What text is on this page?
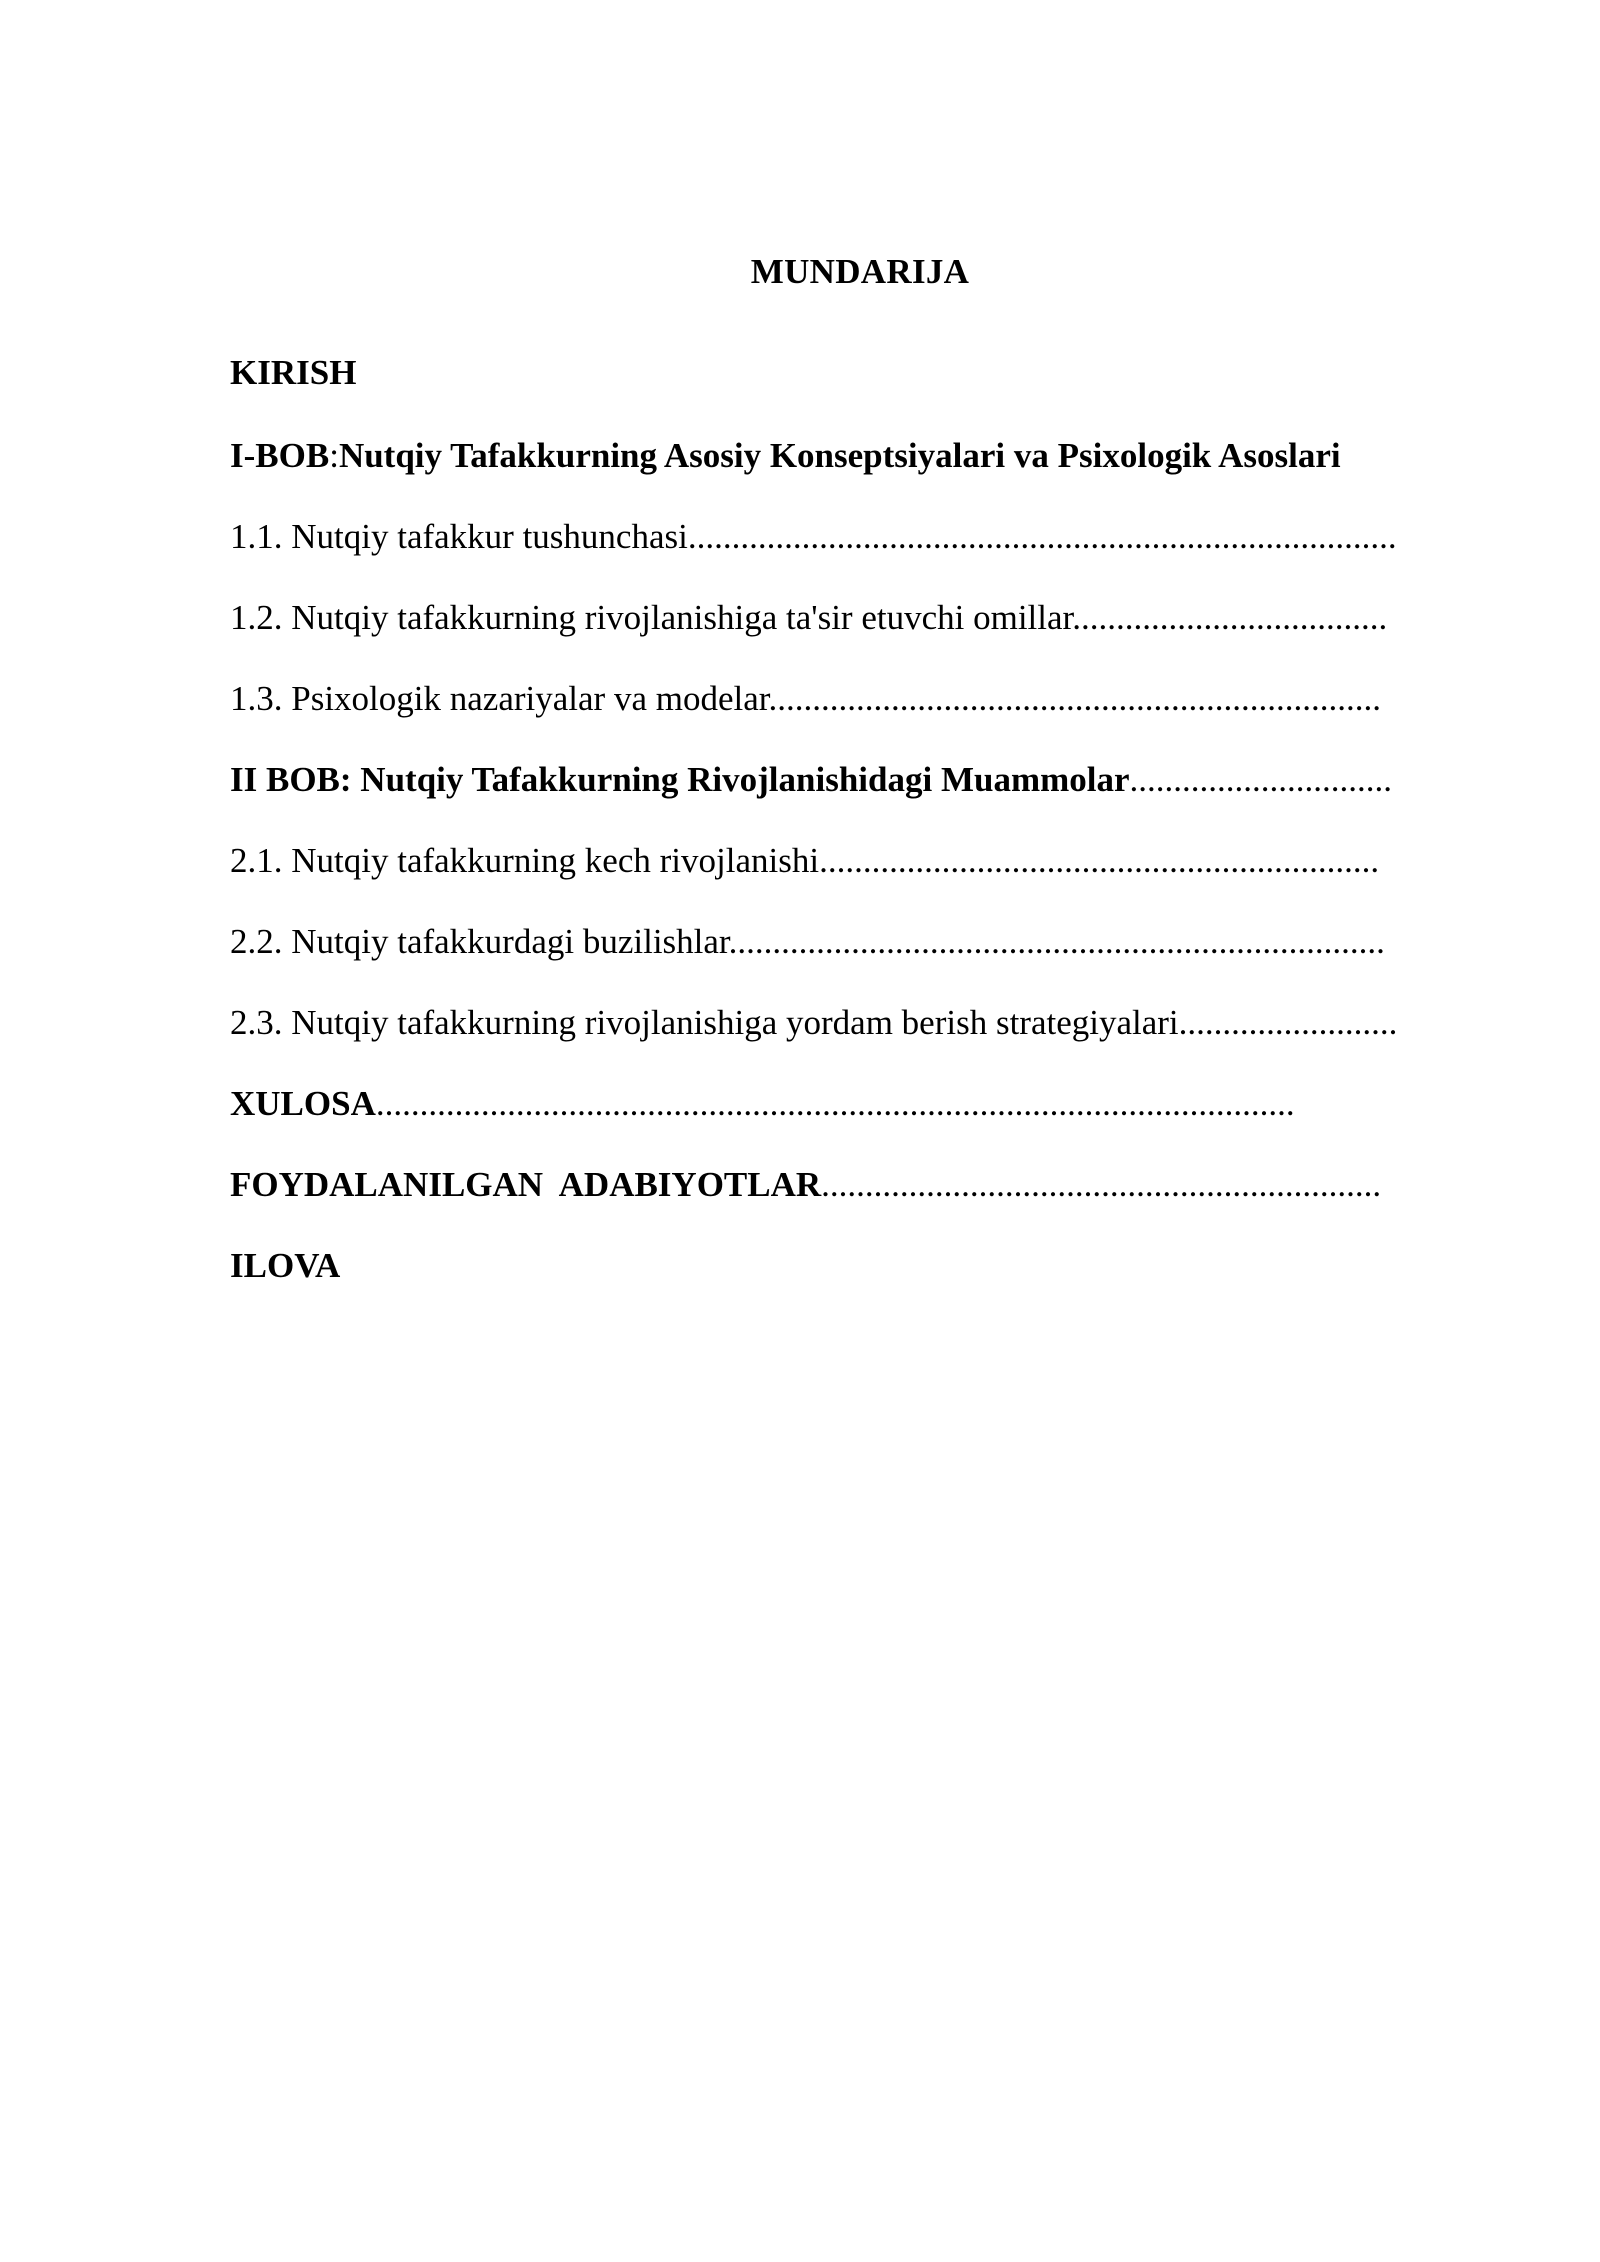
MUNDARIJA
KIRISH
I-BOB:Nutqiy Tafakkurning Asosiy Konseptsiyalari va Psixologik Asoslari
1.1. Nutqiy tafakkur tushunchasi.................................................................................
1.2. Nutqiy tafakkurning rivojlanishiga ta'sir etuvchi omillar....................................
1.3. Psixologik nazariyalar va modelar......................................................................
II BOB: Nutqiy Tafakkurning Rivojlanishidagi Muammolar..............................
2.1. Nutqiy tafakkurning kech rivojlanishi................................................................
2.2. Nutqiy tafakkurdagi buzilishlar...........................................................................
2.3. Nutqiy tafakkurning rivojlanishiga yordam berish strategiyalari.........................
XULOSA.........................................................................................................
FOYDALANILGAN  ADABIYOTLAR................................................................
ILOVA
